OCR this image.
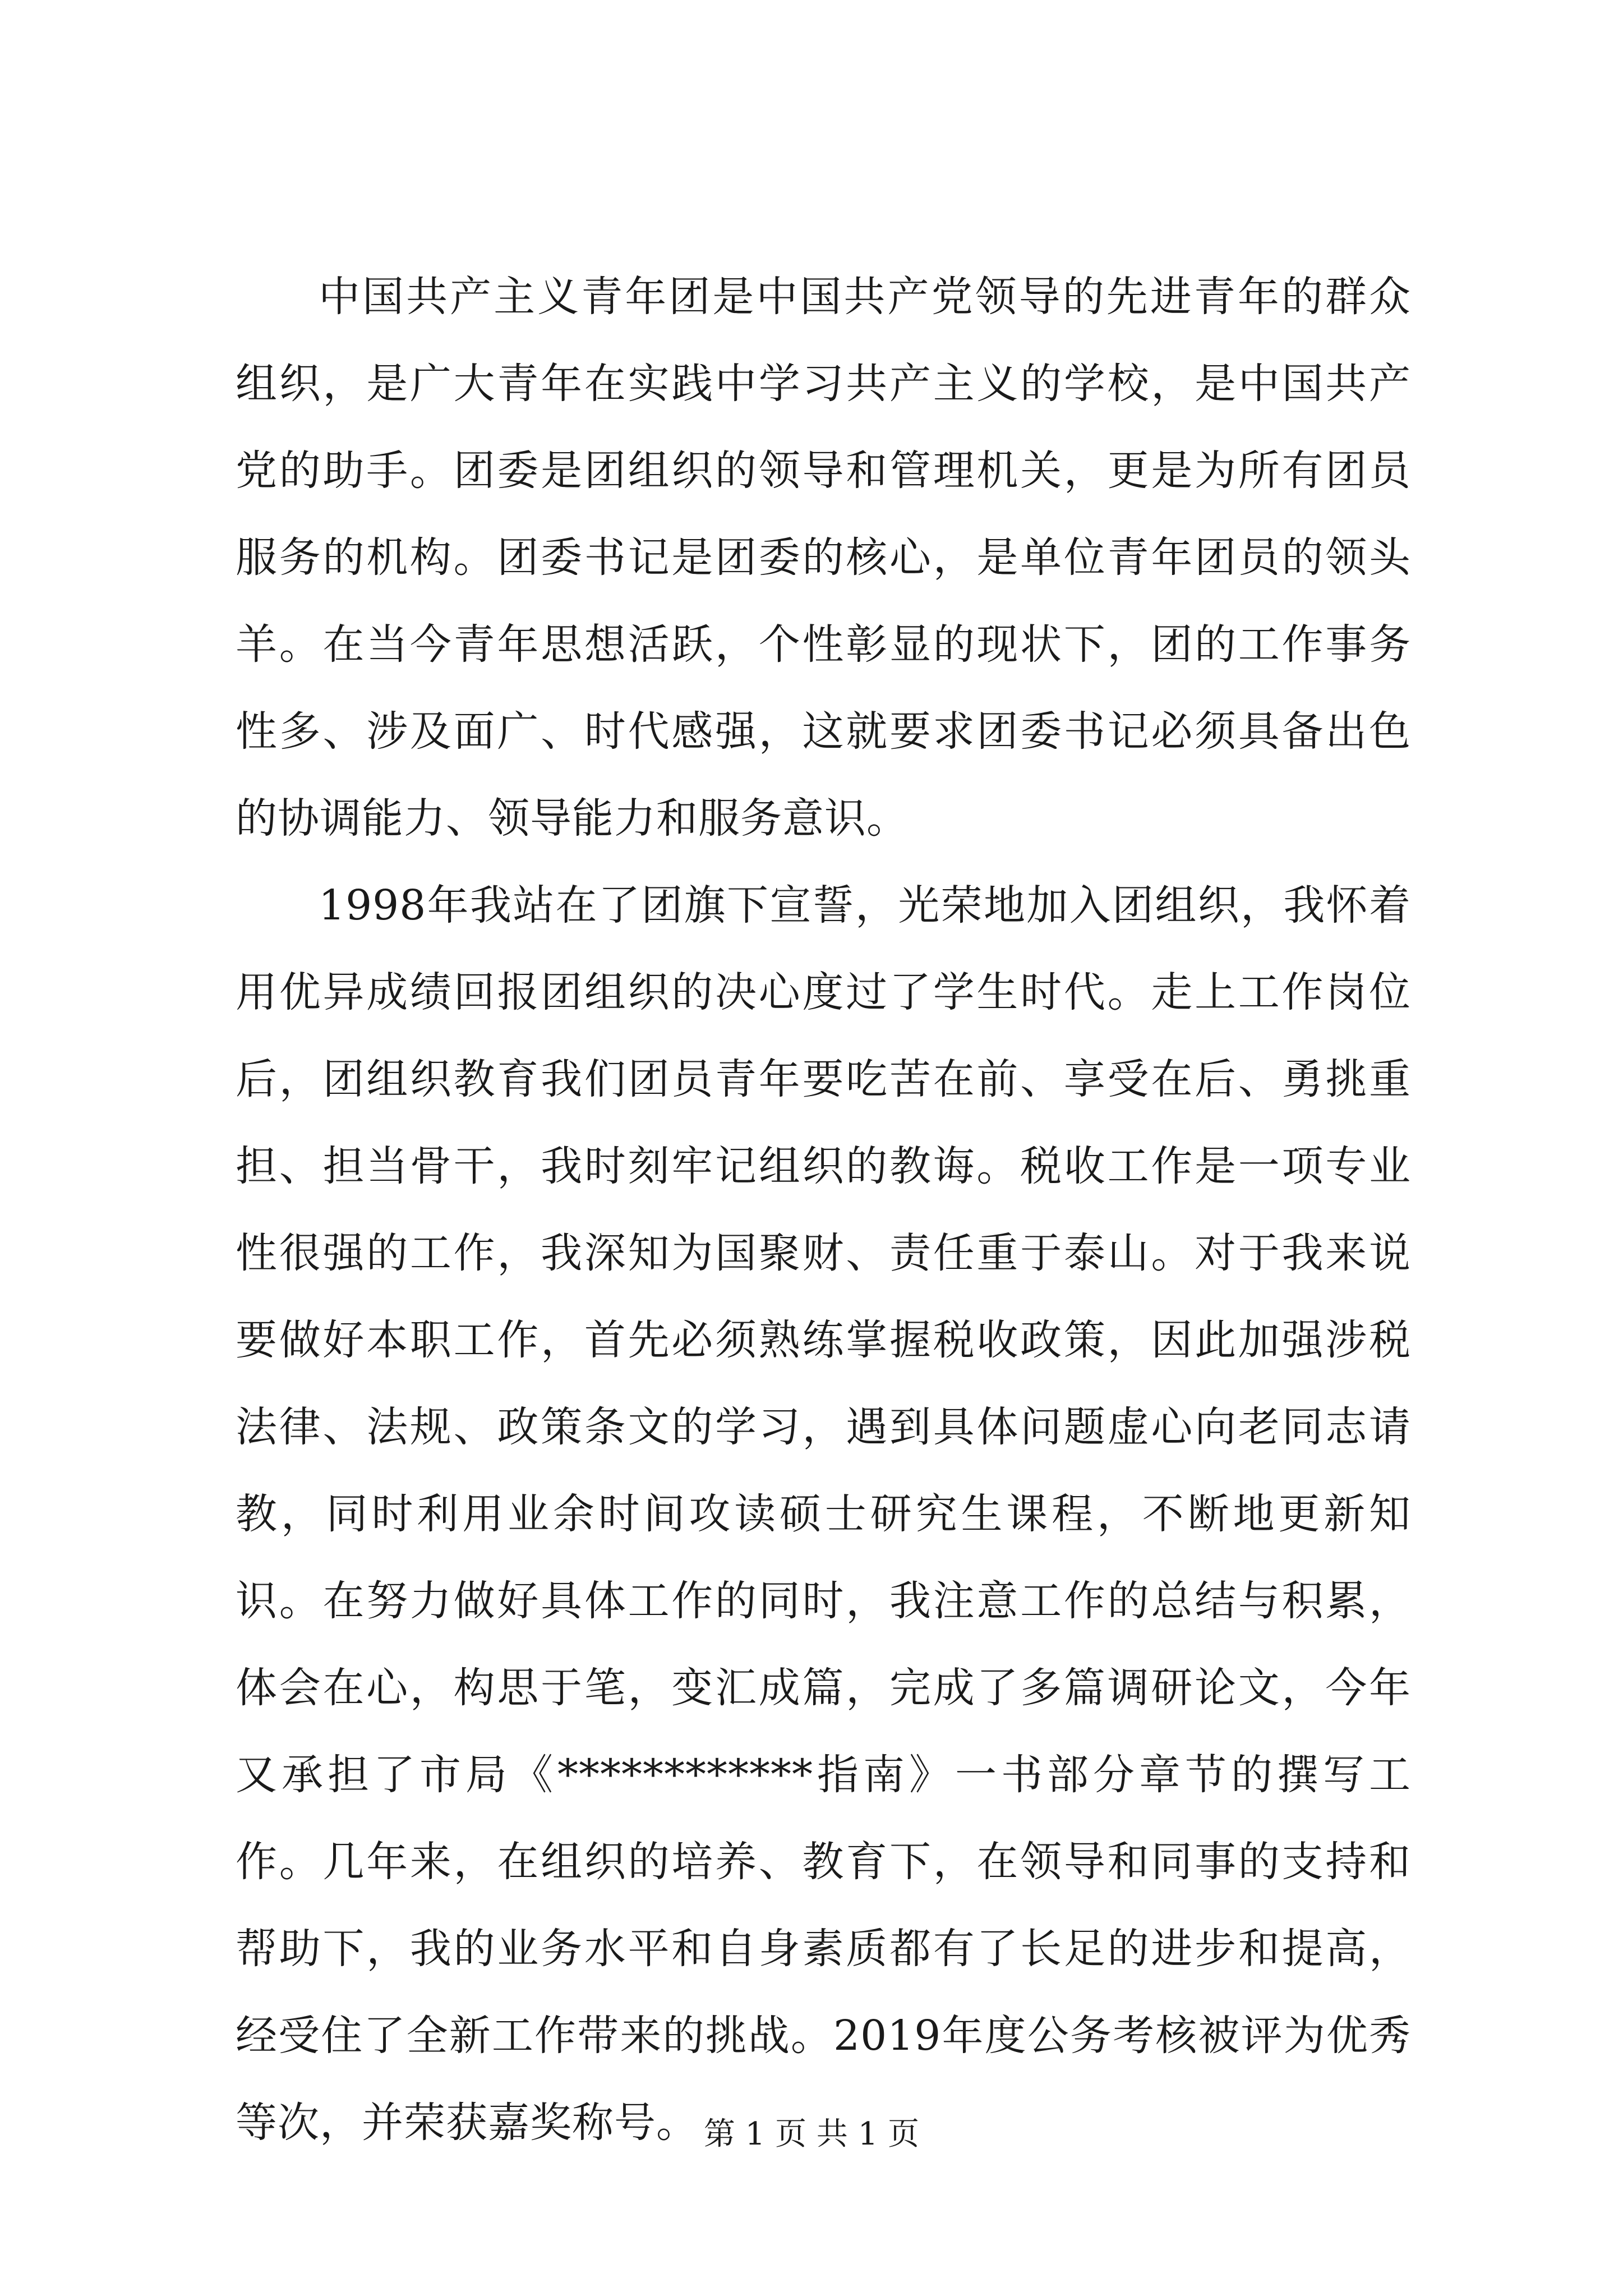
中国共产主义青年团是中国共产党领导的先进青年的群众组织，是广大青年在实践中学习共产主义的学校，是中国共产党的助手。团委是团组织的领导和管理机关，更是为所有团员服务的机构。团委书记是团委的核心，是单位青年团员的领头羊。在当今青年思想活跃，个性彰显的现状下，团的工作事务性多、涉及面广、时代感强，这就要求团委书记必须具备出色的协调能力、领导能力和服务意识。

1998年我站在了团旗下宣誓，光荣地加入团组织，我怀着用优异成绩回报团组织的决心度过了学生时代。走上工作岗位后，团组织教育我们团员青年要吃苦在前、享受在后、勇挑重担、担当骨干，我时刻牢记组织的教诲。税收工作是一项专业性很强的工作，我深知为国聚财、责任重于泰山。对于我来说要做好本职工作，首先必须熟练掌握税收政策，因此加强涉税法律、法规、政策条文的学习，遇到具体问题虚心向老同志请教，同时利用业余时间攻读硕士研究生课程，不断地更新知识。在努力做好具体工作的同时，我注意工作的总结与积累，体会在心，构思于笔，变汇成篇，完成了多篇调研论文，今年又承担了市局《************指南》一书部分章节的撰写工作。几年来，在组织的培养、教育下，在领导和同事的支持和帮助下，我的业务水平和自身素质都有了长足的进步和提高，经受住了全新工作带来的挑战。2019年度公务考核被评为优秀等次，并荣获嘉奖称号。 第 1 页 共 1 页
